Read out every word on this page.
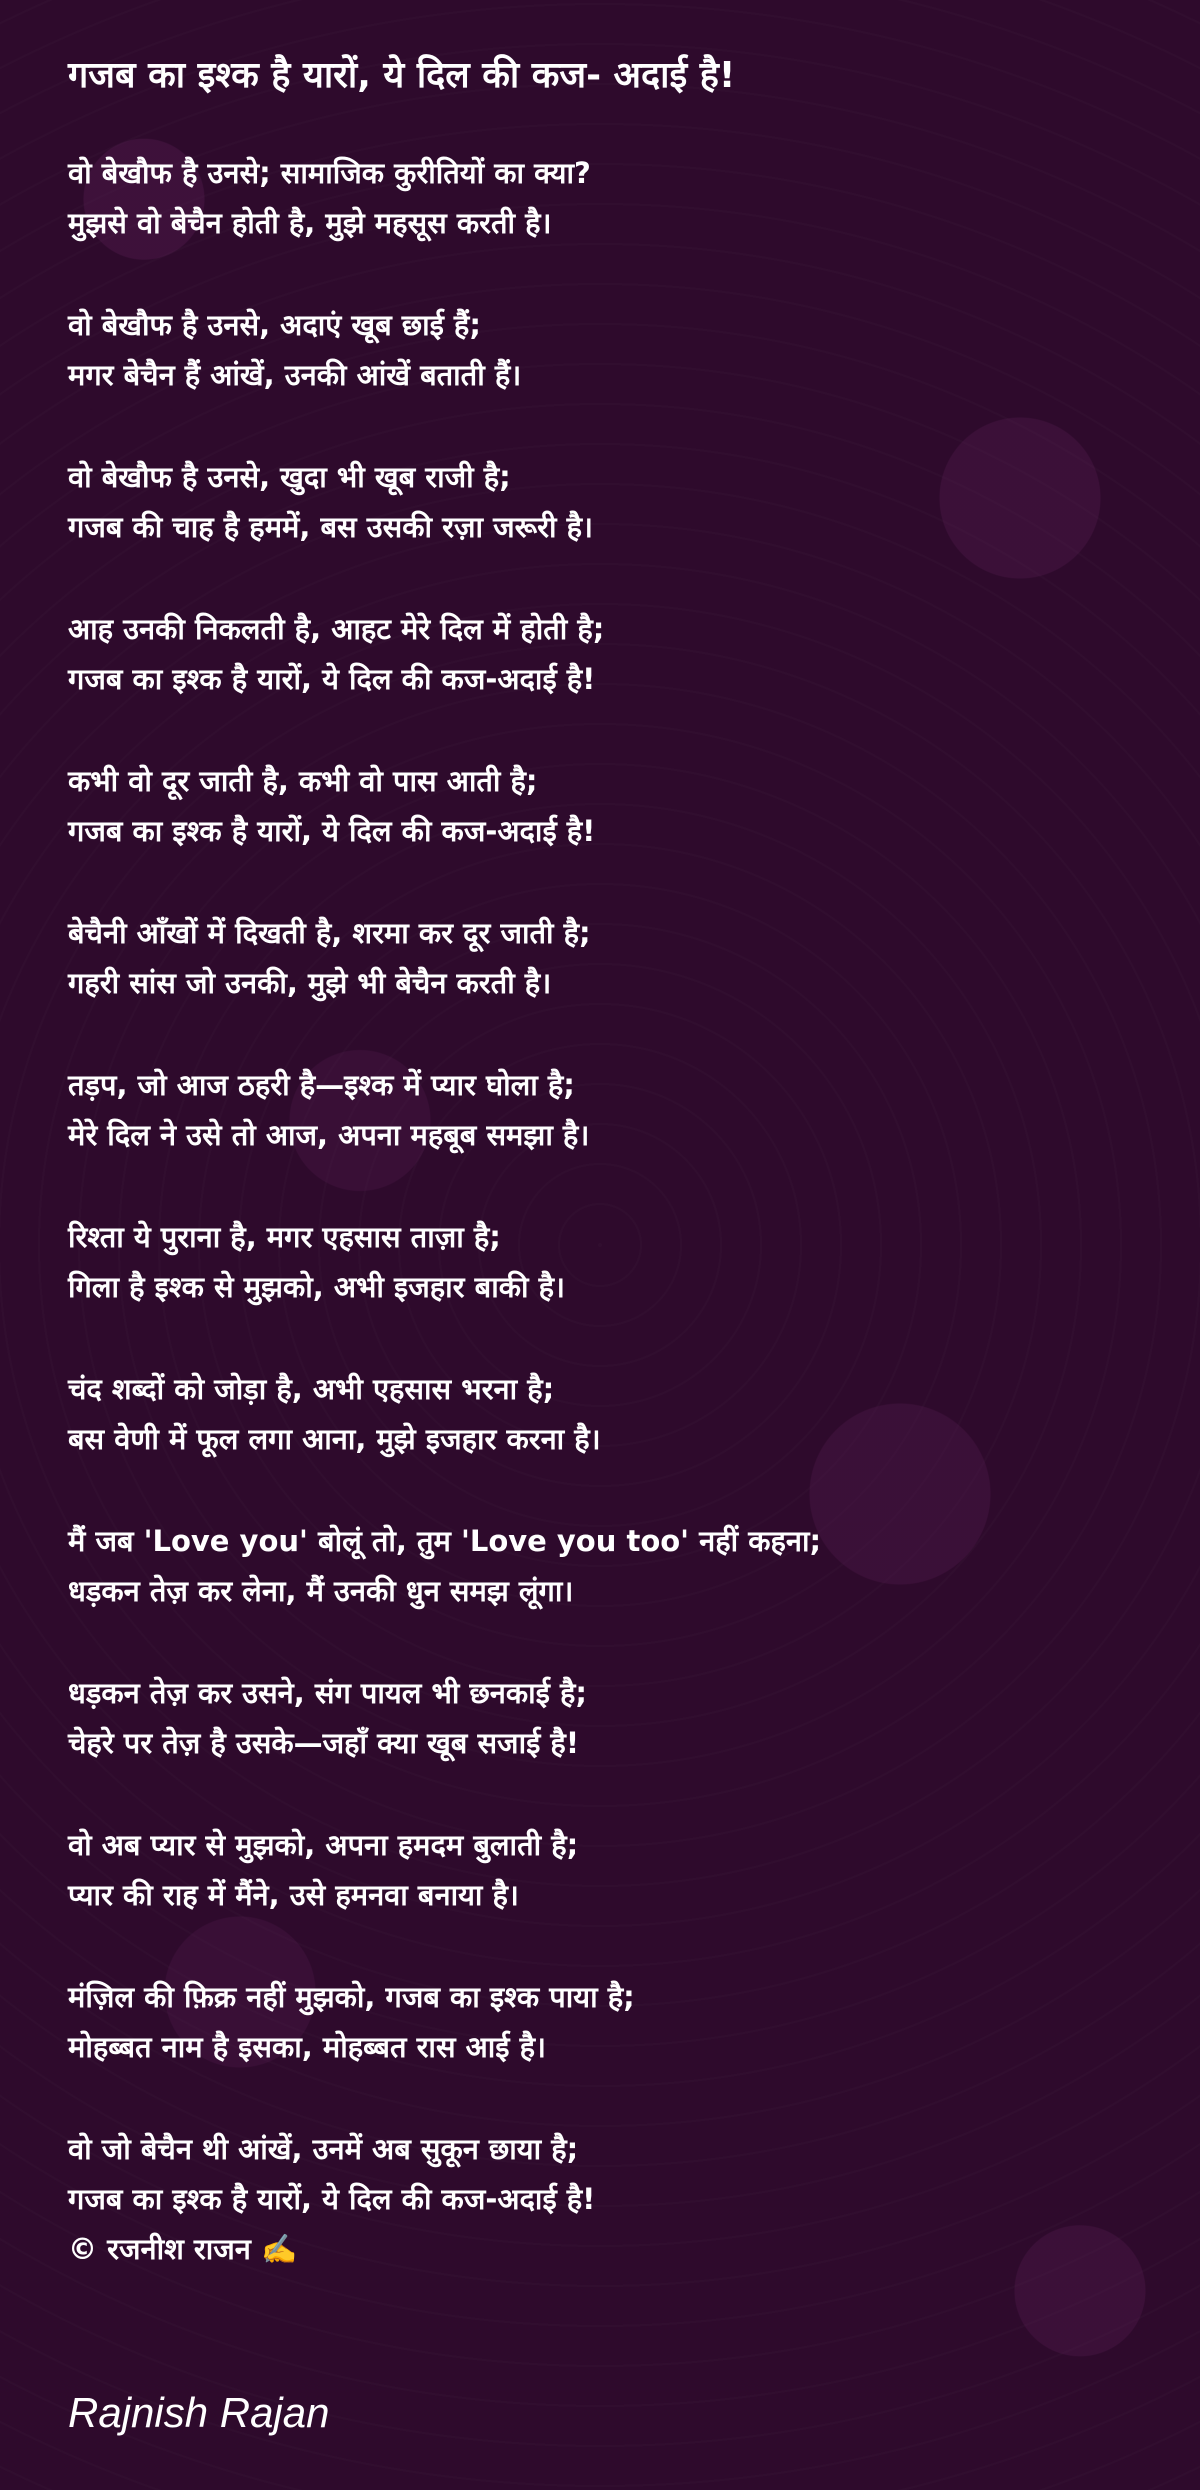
गजब का इश्क है यारों, ये दिल की कज- अदाई है!
वो बेखौफ है उनसे; सामाजिक कुरीतियों का क्या?
मुझसे वो बेचैन होती है, मुझे महसूस करती है।
वो बेखौफ है उनसे, अदाएं खूब छाई हैं;
मगर बेचैन हैं आंखें, उनकी आंखें बताती हैं।
वो बेखौफ है उनसे, खुदा भी खूब राजी है;
गजब की चाह है हममें, बस उसकी रज़ा जरूरी है।
आह उनकी निकलती है, आहट मेरे दिल में होती है;
गजब का इश्क है यारों, ये दिल की कज-अदाई है!
कभी वो दूर जाती है, कभी वो पास आती है;
गजब का इश्क है यारों, ये दिल की कज-अदाई है!
बेचैनी आँखों में दिखती है, शरमा कर दूर जाती है;
गहरी सांस जो उनकी, मुझे भी बेचैन करती है।
तड़प, जो आज ठहरी है—इश्क में प्यार घोला है;
मेरे दिल ने उसे तो आज, अपना महबूब समझा है।
रिश्ता ये पुराना है, मगर एहसास ताज़ा है;
गिला है इश्क से मुझको, अभी इजहार बाकी है।
चंद शब्दों को जोड़ा है, अभी एहसास भरना है;
बस वेणी में फूल लगा आना, मुझे इजहार करना है।
मैं जब 'Love you' बोलूं तो, तुम 'Love you too' नहीं कहना;
धड़कन तेज़ कर लेना, मैं उनकी धुन समझ लूंगा।
धड़कन तेज़ कर उसने, संग पायल भी छनकाई है;
चेहरे पर तेज़ है उसके—जहाँ क्या खूब सजाई है!
वो अब प्यार से मुझको, अपना हमदम बुलाती है;
प्यार की राह में मैंने, उसे हमनवा बनाया है।
मंज़िल की फ़िक्र नहीं मुझको, गजब का इश्क पाया है;
मोहब्बत नाम है इसका, मोहब्बत रास आई है।
वो जो बेचैन थी आंखें, उनमें अब सुकून छाया है;
गजब का इश्क है यारों, ये दिल की कज-अदाई है!
© रजनीश राजन ✍️
Rajnish Rajan
